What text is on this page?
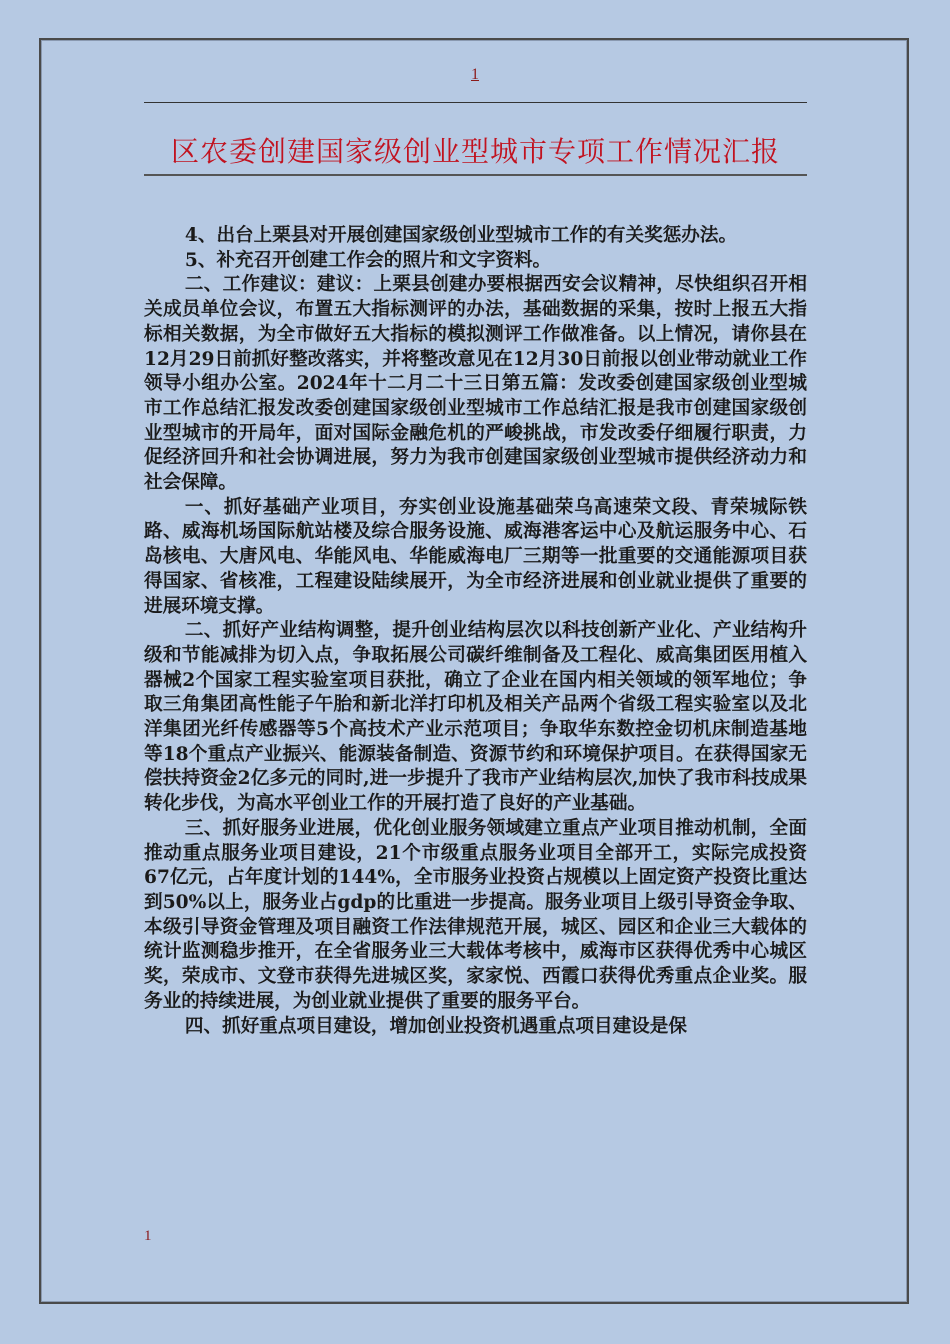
1
区农委创建国家级创业型城市专项工作情况汇报

4、出台上栗县对开展创建国家级创业型城市工作的有关奖惩办法。

5、补充召开创建工作会的照片和文字资料。

二、工作建议：建议：上栗县创建办要根据西安会议精神，尽快组织召开相关成员单位会议，布置五大指标测评的办法，基础数据的采集，按时上报五大指标相关数据，为全市做好五大指标的模拟测评工作做准备。以上情况，请你县在12月29日前抓好整改落实，并将整改意见在12月30日前报以创业带动就业工作领导小组办公室。2024年十二月二十三日第五篇：发改委创建国家级创业型城市工作总结汇报发改委创建国家级创业型城市工作总结汇报是我市创建国家级创业型城市的开局年，面对国际金融危机的严峻挑战，市发改委仔细履行职责，力促经济回升和社会协调进展，努力为我市创建国家级创业型城市提供经济动力和社会保障。

一、抓好基础产业项目，夯实创业设施基础荣乌高速荣文段、青荣城际铁路、威海机场国际航站楼及综合服务设施、威海港客运中心及航运服务中心、石岛核电、大唐风电、华能风电、华能威海电厂三期等一批重要的交通能源项目获得国家、省核准，工程建设陆续展开，为全市经济进展和创业就业提供了重要的进展环境支撑。

二、抓好产业结构调整，提升创业结构层次以科技创新产业化、产业结构升级和节能减排为切入点，争取拓展公司碳纤维制备及工程化、威高集团医用植入器械2个国家工程实验室项目获批，确立了企业在国内相关领域的领军地位；争取三角集团高性能子午胎和新北洋打印机及相关产品两个省级工程实验室以及北洋集团光纤传感器等5个高技术产业示范项目；争取华东数控金切机床制造基地等18个重点产业振兴、能源装备制造、资源节约和环境保护项目。在获得国家无偿扶持资金2亿多元的同时,进一步提升了我市产业结构层次,加快了我市科技成果转化步伐，为高水平创业工作的开展打造了良好的产业基础。

三、抓好服务业进展，优化创业服务领域建立重点产业项目推动机制，全面推动重点服务业项目建设，21个市级重点服务业项目全部开工，实际完成投资67亿元，占年度计划的144%，全市服务业投资占规模以上固定资产投资比重达到50%以上，服务业占gdp的比重进一步提高。服务业项目上级引导资金争取、本级引导资金管理及项目融资工作法律规范开展，城区、园区和企业三大载体的统计监测稳步推开，在全省服务业三大载体考核中，威海市区获得优秀中心城区奖，荣成市、文登市获得先进城区奖，家家悦、西霞口获得优秀重点企业奖。服务业的持续进展，为创业就业提供了重要的服务平台。

四、抓好重点项目建设，增加创业投资机遇重点项目建设是保

1
